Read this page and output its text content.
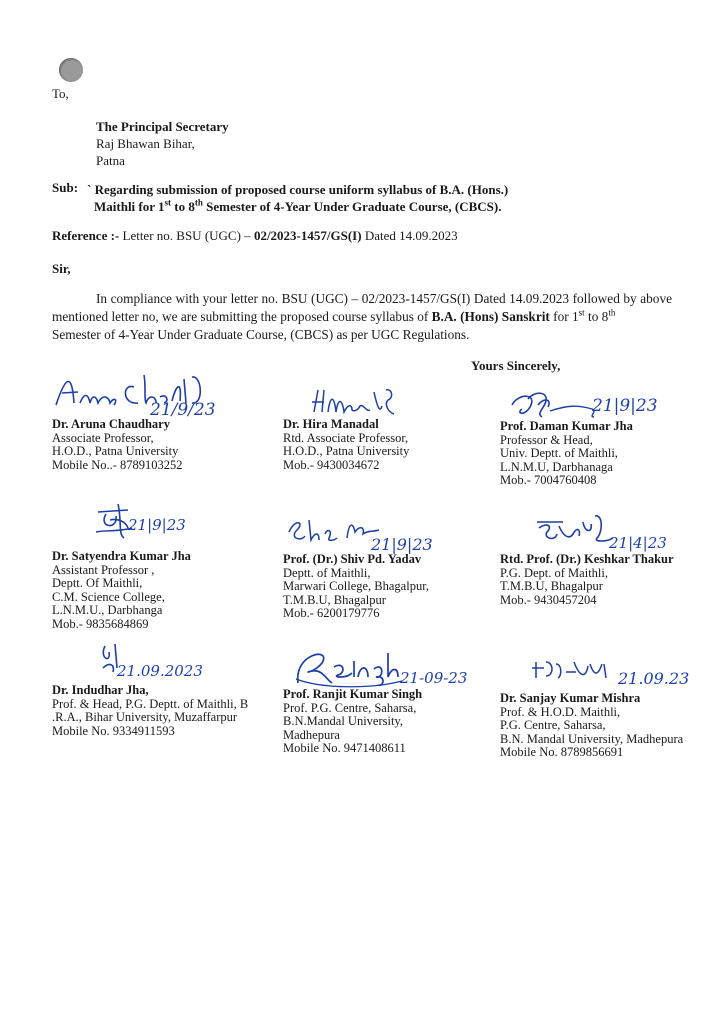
To,
The Principal Secretary
Raj Bhawan Bihar,
Patna
Sub: ` Regarding submission of proposed course uniform syllabus of B.A. (Hons.)
Maithli for 1st to 8th Semester of 4-Year Under Graduate Course, (CBCS).
Reference :- Letter no. BSU (UGC) – 02/2023-1457/GS(I) Dated 14.09.2023
Sir,
In compliance with your letter no. BSU (UGC) – 02/2023-1457/GS(I) Dated 14.09.2023 followed by above mentioned letter no, we are submitting the proposed course syllabus of B.A. (Hons) Sanskrit for 1st to 8th
Semester of 4-Year Under Graduate Course, (CBCS) as per UGC Regulations.
Yours Sincerely,
21/9/23	21|9|23
21|9|23
21|9|23	21|4|23
21.09.2023	21-09-23	21.09.23
Dr. Aruna Chaudhary
Associate Professor,
H.O.D., Patna University
Mobile No..- 8789103252
Dr. Hira Manadal
Rtd. Associate Professor,
H.O.D., Patna University
Mob.- 9430034672
Prof. Daman Kumar Jha
Professor & Head,
Univ. Deptt. of Maithli,
L.N.M.U, Darbhanaga
Mob.- 7004760408
Dr. Satyendra Kumar Jha
Assistant Professor ,
Deptt. Of Maithli,
C.M. Science College,
L.N.M.U., Darbhanga
Mob.- 9835684869
Prof. (Dr.) Shiv Pd. Yadav
Deptt. of Maithli,
Marwari College, Bhagalpur,
T.M.B.U, Bhagalpur
Mob.- 6200179776
Rtd. Prof. (Dr.) Keshkar Thakur
P.G. Dept. of Maithli,
T.M.B.U, Bhagalpur
Mob.- 9430457204
Dr. Indudhar Jha,
Prof. & Head, P.G. Deptt. of Maithli, B
.R.A., Bihar University, Muzaffarpur
Mobile No. 9334911593
Prof. Ranjit Kumar Singh
Prof. P.G. Centre, Saharsa,
B.N.Mandal University,
Madhepura
Mobile No. 9471408611
Dr. Sanjay Kumar Mishra
Prof. & H.O.D. Maithli,
P.G. Centre, Saharsa,
B.N. Mandal University, Madhepura
Mobile No. 8789856691
